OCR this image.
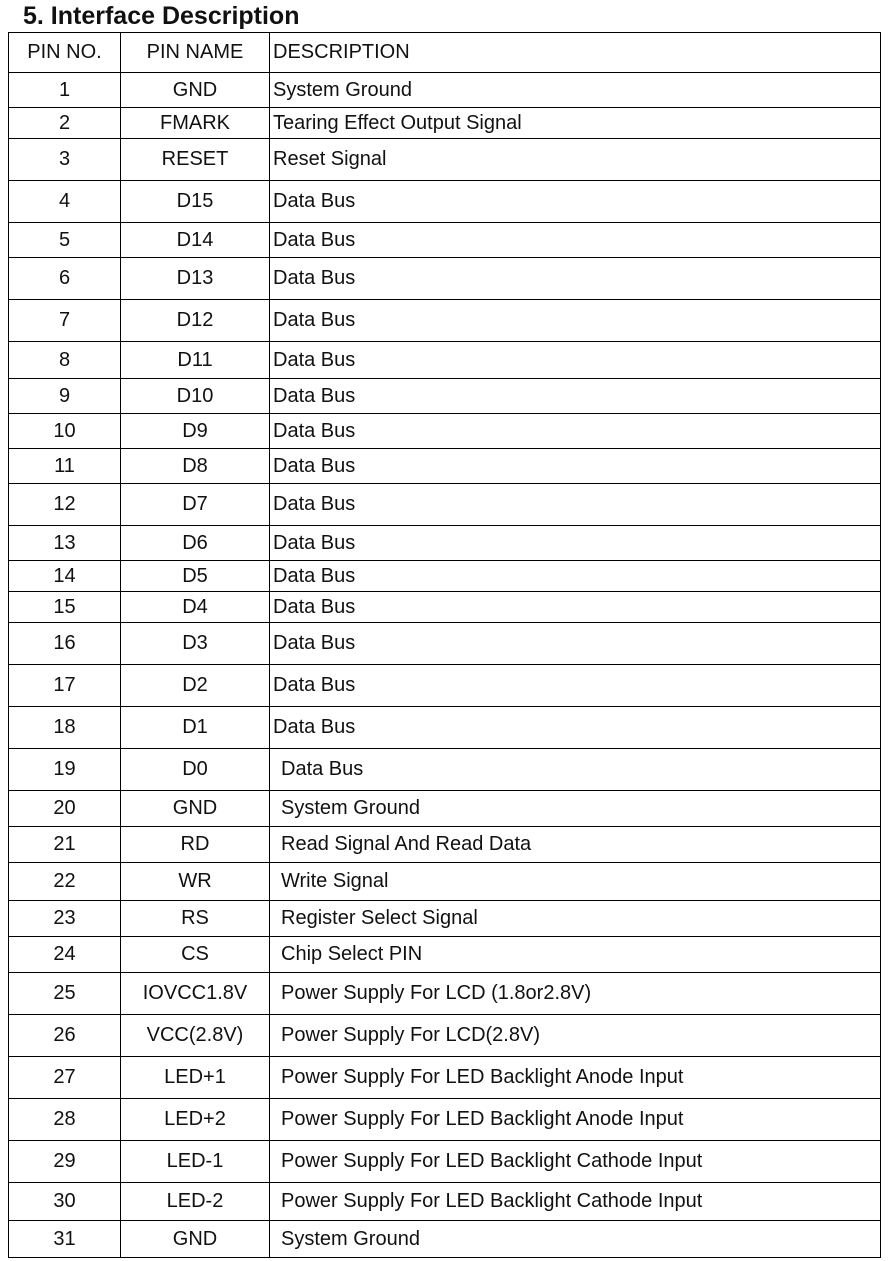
5. Interface Description
PIN NO.	PIN NAME	DESCRIPTION
1	GND	System Ground
2	FMARK	Tearing Effect Output Signal
3	RESET	Reset Signal
4	D15	Data Bus
5	D14	Data Bus
6	D13	Data Bus
7	D12	Data Bus
8	D11	Data Bus
9	D10	Data Bus
10	D9	Data Bus
11	D8	Data Bus
12	D7	Data Bus
13	D6	Data Bus
14	D5	Data Bus
15	D4	Data Bus
16	D3	Data Bus
17	D2	Data Bus
18	D1	Data Bus
19	D0	Data Bus
20	GND	System Ground
21	RD	Read Signal And Read Data
22	WR	Write Signal
23	RS	Register Select Signal
24	CS	Chip Select PIN
25	IOVCC1.8V	Power Supply For LCD (1.8or2.8V)
26	VCC(2.8V)	Power Supply For LCD(2.8V)
27	LED+1	Power Supply For LED Backlight Anode Input
28	LED+2	Power Supply For LED Backlight Anode Input
29	LED-1	Power Supply For LED Backlight Cathode Input
30	LED-2	Power Supply For LED Backlight Cathode Input
31	GND	System Ground
